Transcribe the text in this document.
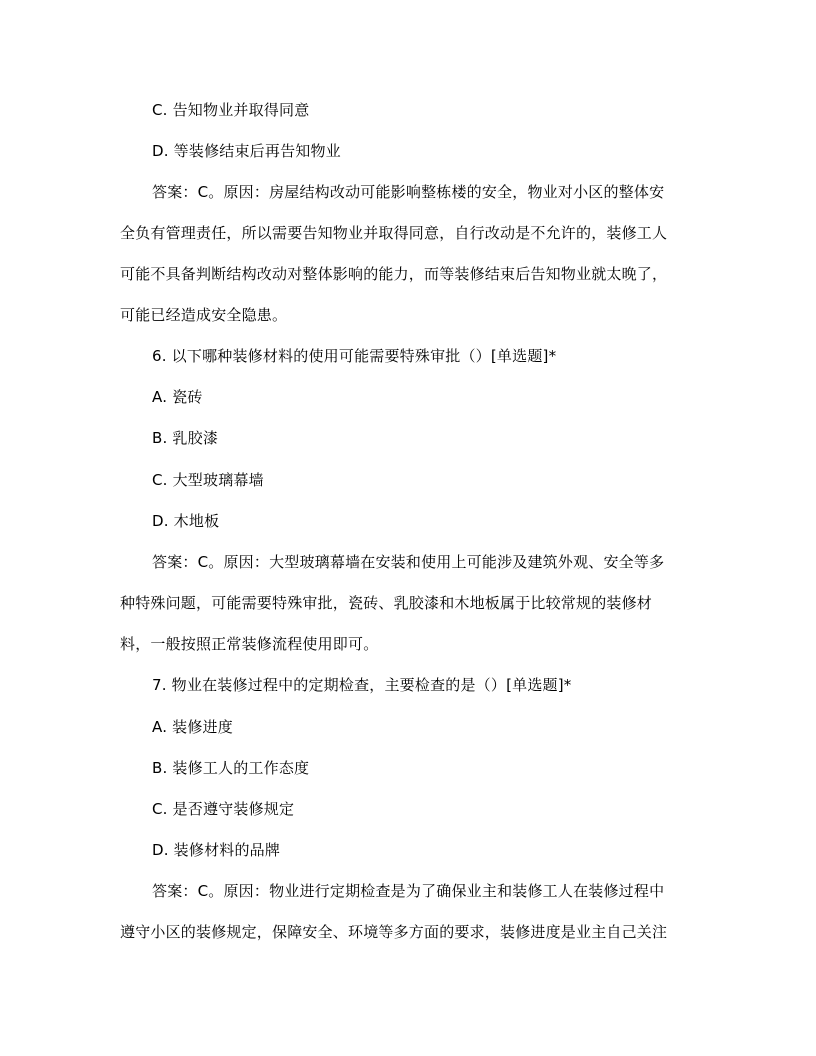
C. 告知物业并取得同意
D. 等装修结束后再告知物业
答案：C。原因：房屋结构改动可能影响整栋楼的安全，物业对小区的整体安
全负有管理责任，所以需要告知物业并取得同意，自行改动是不允许的，装修工人
可能不具备判断结构改动对整体影响的能力，而等装修结束后告知物业就太晚了，
可能已经造成安全隐患。
6. 以下哪种装修材料的使用可能需要特殊审批（）[单选题]*
A. 瓷砖
B. 乳胶漆
C. 大型玻璃幕墙
D. 木地板
答案：C。原因：大型玻璃幕墙在安装和使用上可能涉及建筑外观、安全等多
种特殊问题，可能需要特殊审批，瓷砖、乳胶漆和木地板属于比较常规的装修材
料，一般按照正常装修流程使用即可。
7. 物业在装修过程中的定期检查，主要检查的是（）[单选题]*
A. 装修进度
B. 装修工人的工作态度
C. 是否遵守装修规定
D. 装修材料的品牌
答案：C。原因：物业进行定期检查是为了确保业主和装修工人在装修过程中
遵守小区的装修规定，保障安全、环境等多方面的要求，装修进度是业主自己关注
